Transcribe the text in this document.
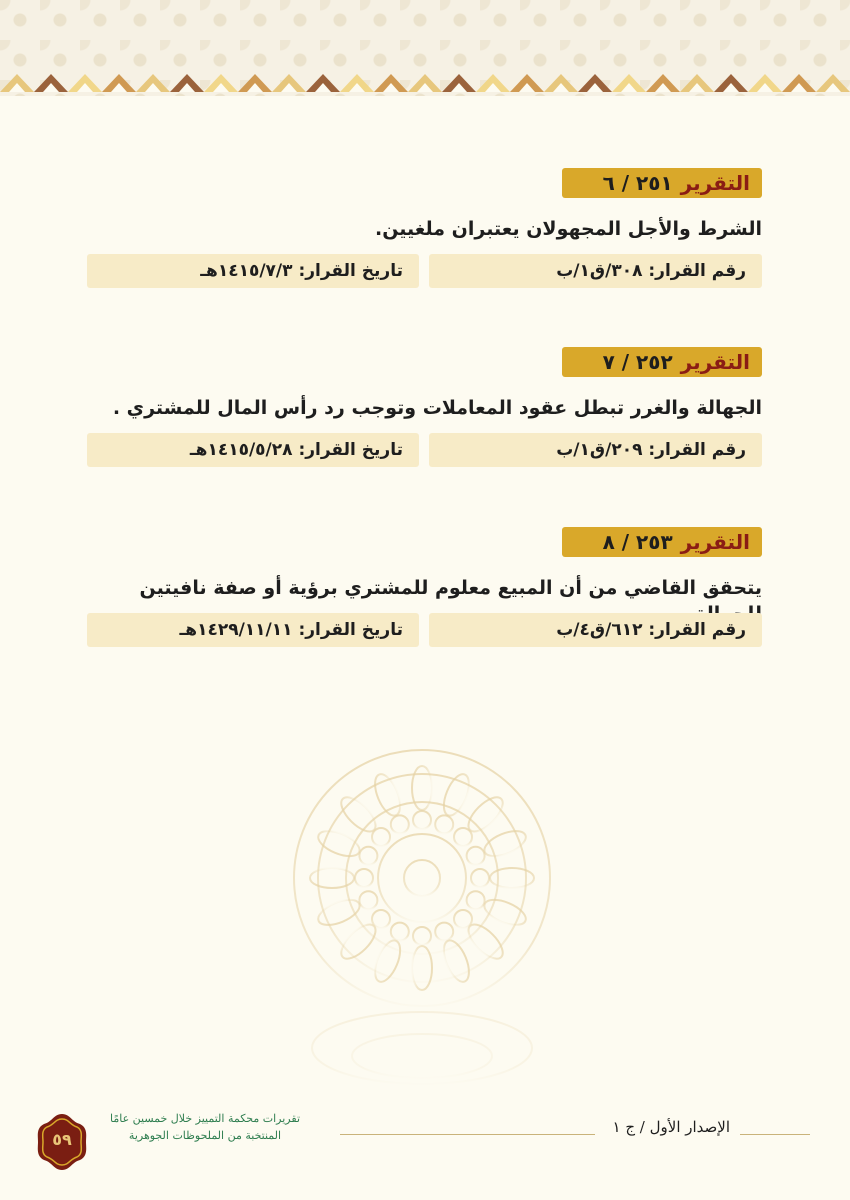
التقرير
٢٥١ / ٦
الشرط والأجل المجهولان يعتبران ملغيين.
رقم القرار: ٣٠٨/ق١/ب
تاريخ القرار: ١٤١٥/٧/٣هـ
التقرير
٢٥٢ / ٧
الجهالة والغرر تبطل عقود المعاملات وتوجب رد رأس المال للمشتري .
رقم القرار: ٢٠٩/ق١/ب
تاريخ القرار: ١٤١٥/٥/٢٨هـ
التقرير
٢٥٣ / ٨
يتحقق القاضي من أن المبيع معلوم للمشتري برؤية أو صفة نافيتين
رقم القرار: ٦١٢/ق٤/ب
تاريخ القرار: ١٤٢٩/١١/١١هـ
الإصدار الأول / ج ١
تقريرات محكمة التمييز خلال خمسين عامًا
المنتخبة من الملحوظات الجوهرية
٥٩
